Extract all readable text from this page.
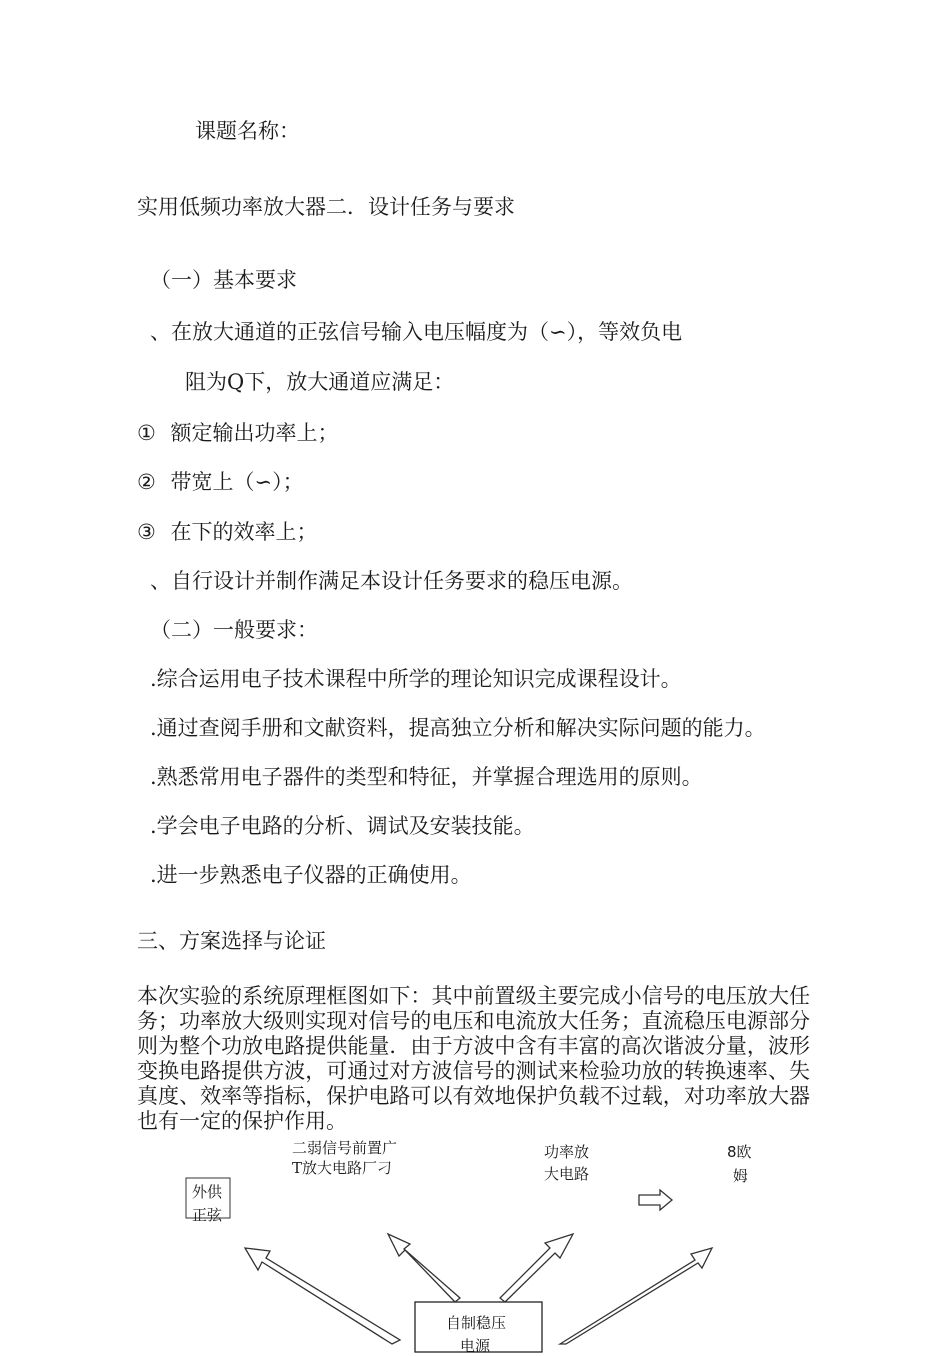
课题名称：
实用低频功率放大器二．设计任务与要求
（一）基本要求
、在放大通道的正弦信号输入电压幅度为（∽），等效负电
阻为Q下，放大通道应满足：
① 额定输出功率上；
② 带宽上（∽）；
③ 在下的效率上；
、自行设计并制作满足本设计任务要求的稳压电源。
（二）一般要求：
.综合运用电子技术课程中所学的理论知识完成课程设计。
.通过查阅手册和文献资料，提高独立分析和解决实际问题的能力。
.熟悉常用电子器件的类型和特征，并掌握合理选用的原则。
.学会电子电路的分析、调试及安装技能。
.进一步熟悉电子仪器的正确使用。
三、方案选择与论证
本次实验的系统原理框图如下：其中前置级主要完成小信号的电压放大任务；功率放大级则实现对信号的电压和电流放大任务；直流稳压电源部分则为整个功放电路提供能量．由于方波中含有丰富的高次谐波分量，波形变换电路提供方波，可通过对方波信号的测试来检验功放的转换速率、失真度、效率等指标，保护电路可以有效地保护负载不过载，对功率放大器也有一定的保护作用。
二弱信号前置广
T放大电路厂刁
功率放
大电路
8欧
姆
外供
正弦
自制稳压
电源
